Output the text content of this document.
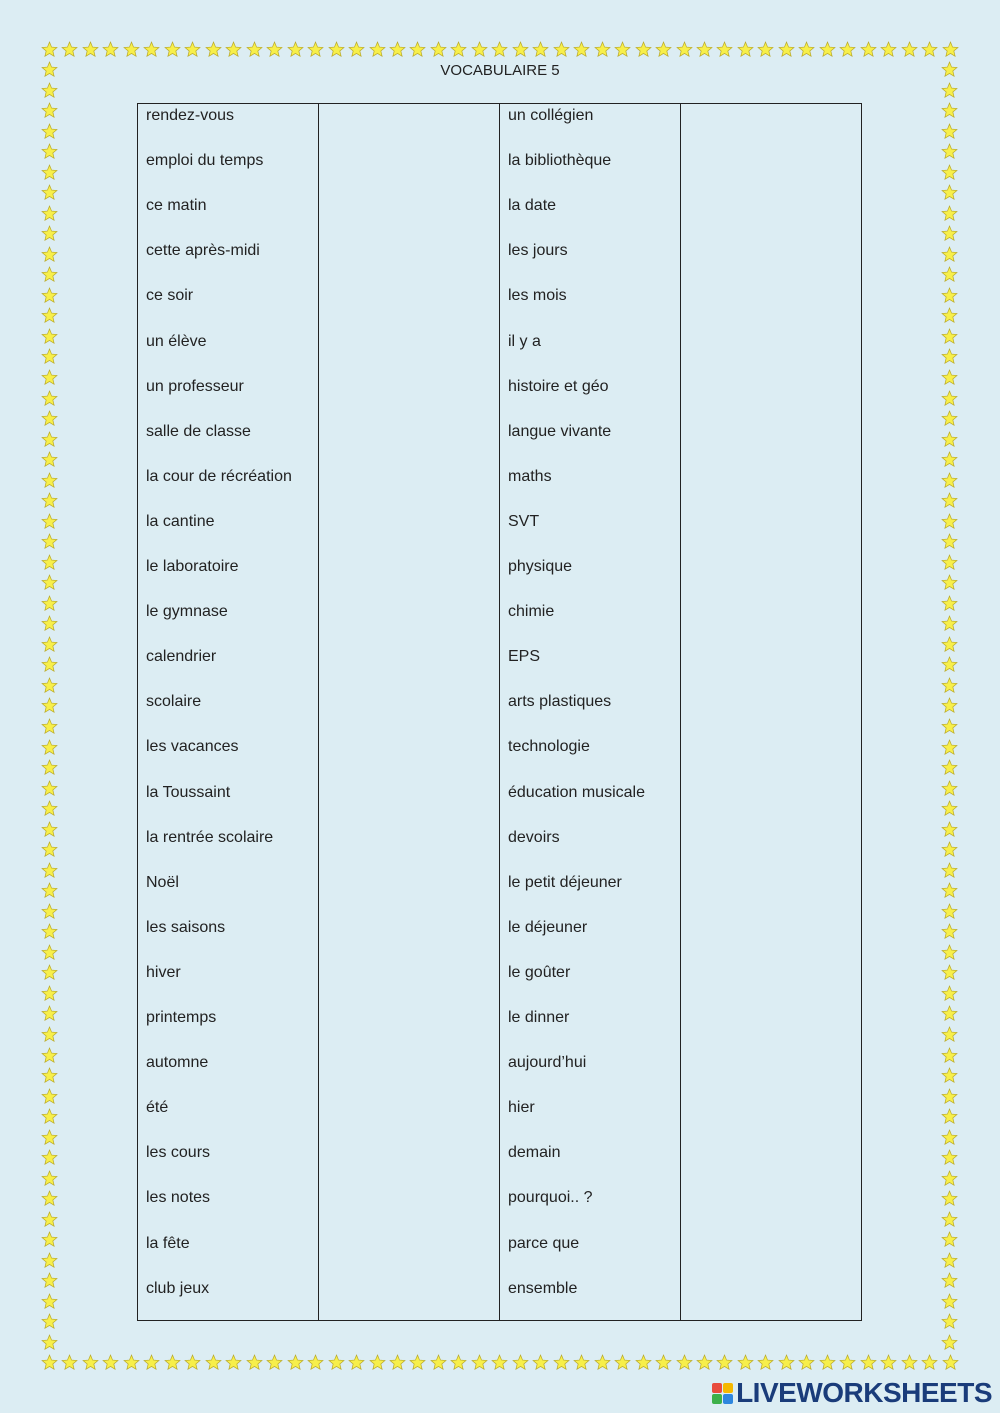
VOCABULAIRE 5
rendez-vous
emploi du temps
ce matin
cette après-midi
ce soir
un élève
un professeur
salle de classe
la cour de récréation
la cantine
le laboratoire
le gymnase
calendrier
scolaire
les vacances
la Toussaint
la rentrée scolaire
Noël
les saisons
hiver
printemps
automne
été
les cours
les notes
la fête
club jeux
un collégien
la bibliothèque
la date
les jours
les mois
il y a
histoire et géo
langue vivante
maths
SVT
physique
chimie
EPS
arts plastiques
technologie
éducation musicale
devoirs
le petit déjeuner
le déjeuner
le goûter
le dinner
aujourd’hui
hier
demain
pourquoi.. ?
parce que
ensemble
LIVEWORKSHEETS
